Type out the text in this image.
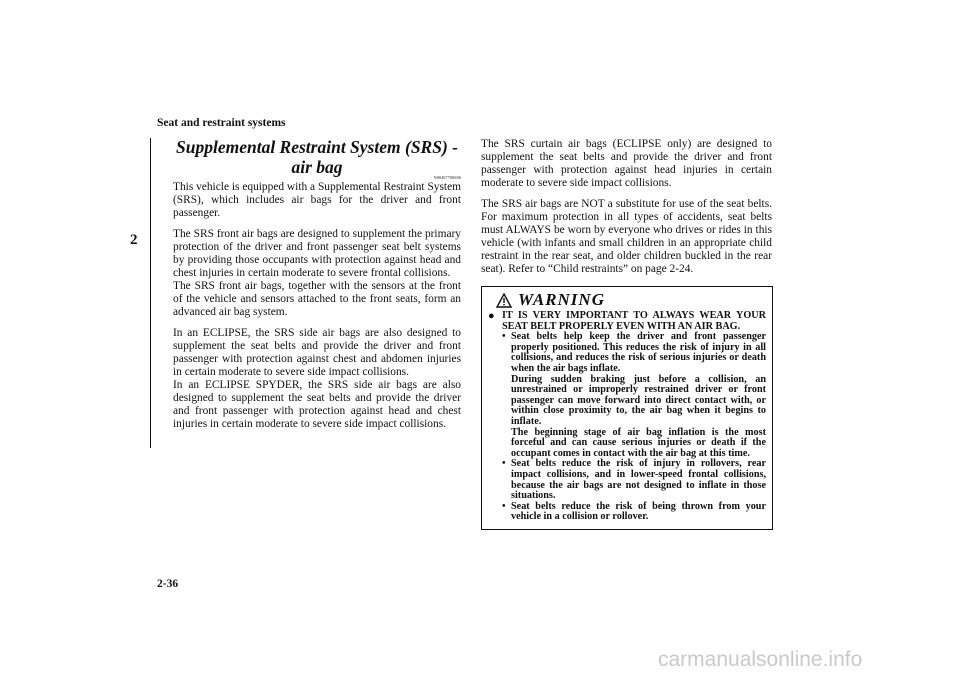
Seat and restraint systems
2
Supplemental Restraint System (SRS) - air bag
N00407700606

This vehicle is equipped with a Supplemental Restraint System (SRS), which includes air bags for the driver and front passenger.

The SRS front air bags are designed to supplement the primary protection of the driver and front passenger seat belt systems by providing those occupants with protection against head and chest injuries in certain moderate to severe frontal collisions.

The SRS front air bags, together with the sensors at the front of the vehicle and sensors attached to the front seats, form an advanced air bag system.

In an ECLIPSE, the SRS side air bags are also designed to supplement the seat belts and provide the driver and front passenger with protection against chest and abdomen injuries in certain moderate to severe side impact collisions.

In an ECLIPSE SPYDER, the SRS side air bags are also designed to supplement the seat belts and provide the driver and front passenger with protection against head and chest injuries in certain moderate to severe side impact collisions.

The SRS curtain air bags (ECLIPSE only) are designed to supplement the seat belts and provide the driver and front passenger with protection against head injuries in certain moderate to severe side impact collisions.

The SRS air bags are NOT a substitute for use of the seat belts. For maximum protection in all types of accidents, seat belts must ALWAYS be worn by everyone who drives or rides in this vehicle (with infants and small children in an appropriate child restraint in the rear seat, and older children buckled in the rear seat). Refer to “Child restraints” on page 2-24.

WARNING
● IT IS VERY IMPORTANT TO ALWAYS WEAR YOUR SEAT BELT PROPERLY EVEN WITH AN AIR BAG.
• Seat belts help keep the driver and front passenger properly positioned. This reduces the risk of injury in all collisions, and reduces the risk of serious injuries or death when the air bags inflate.
During sudden braking just before a collision, an unrestrained or improperly restrained driver or front passenger can move forward into direct contact with, or within close proximity to, the air bag when it begins to inflate.
The beginning stage of air bag inflation is the most forceful and can cause serious injuries or death if the occupant comes in contact with the air bag at this time.
• Seat belts reduce the risk of injury in rollovers, rear impact collisions, and in lower-speed frontal collisions, because the air bags are not designed to inflate in those situations.
• Seat belts reduce the risk of being thrown from your vehicle in a collision or rollover.
2-36
carmanualsonline.info
